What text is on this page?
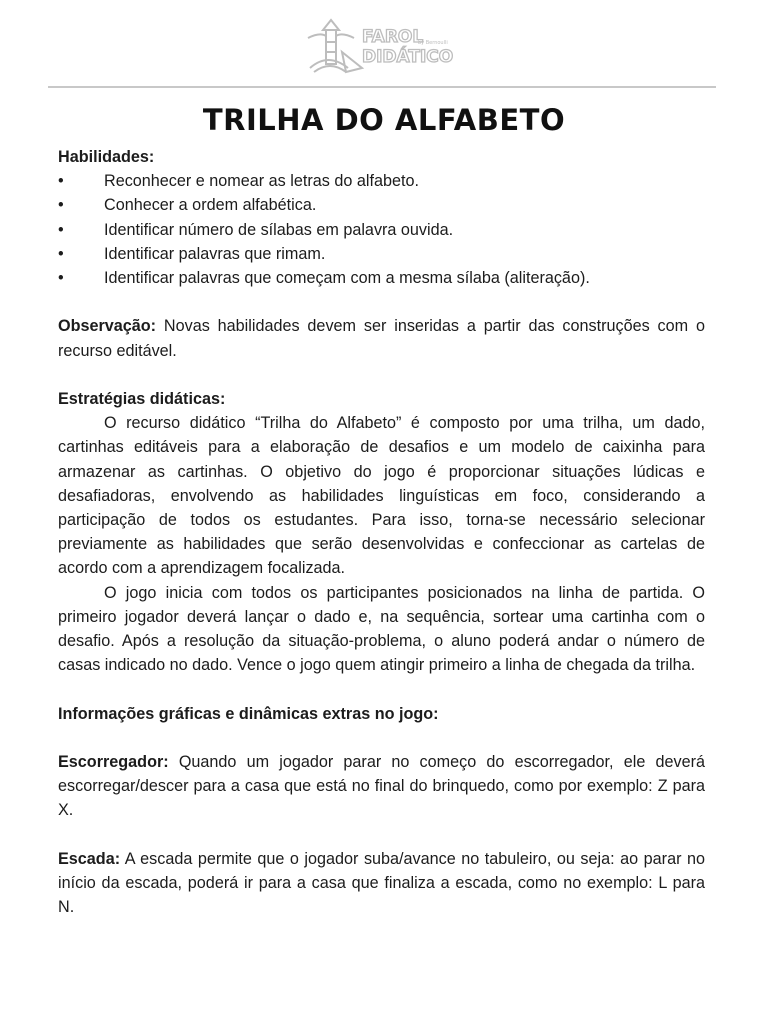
FAROL
by Bernoulli
DIDÁTICO
TRILHA DO ALFABETO

Habilidades:

• Reconhecer e nomear as letras do alfabeto.
• Conhecer a ordem alfabética.
• Identificar número de sílabas em palavra ouvida.
• Identificar palavras que rimam.
• Identificar palavras que começam com a mesma sílaba (aliteração).

Observação: Novas habilidades devem ser inseridas a partir das construções com o recurso editável.

Estratégias didáticas:

O recurso didático “Trilha do Alfabeto” é composto por uma trilha, um dado, cartinhas editáveis para a elaboração de desafios e um modelo de caixinha para armazenar as cartinhas. O objetivo do jogo é proporcionar situações lúdicas e desafiadoras, envolvendo as habilidades linguísticas em foco, considerando a participação de todos os estudantes. Para isso, torna-se necessário selecionar previamente as habilidades que serão desenvolvidas e confeccionar as cartelas de acordo com a aprendizagem focalizada.

O jogo inicia com todos os participantes posicionados na linha de partida. O primeiro jogador deverá lançar o dado e, na sequência, sortear uma cartinha com o desafio. Após a resolução da situação-problema, o aluno poderá andar o número de casas indicado no dado. Vence o jogo quem atingir primeiro a linha de chegada da trilha.

Informações gráficas e dinâmicas extras no jogo:

Escorregador: Quando um jogador parar no começo do escorregador, ele deverá escorregar/descer para a casa que está no final do brinquedo, como por exemplo: Z para X.

Escada: A escada permite que o jogador suba/avance no tabuleiro, ou seja: ao parar no início da escada, poderá ir para a casa que finaliza a escada, como no exemplo: L para N.
